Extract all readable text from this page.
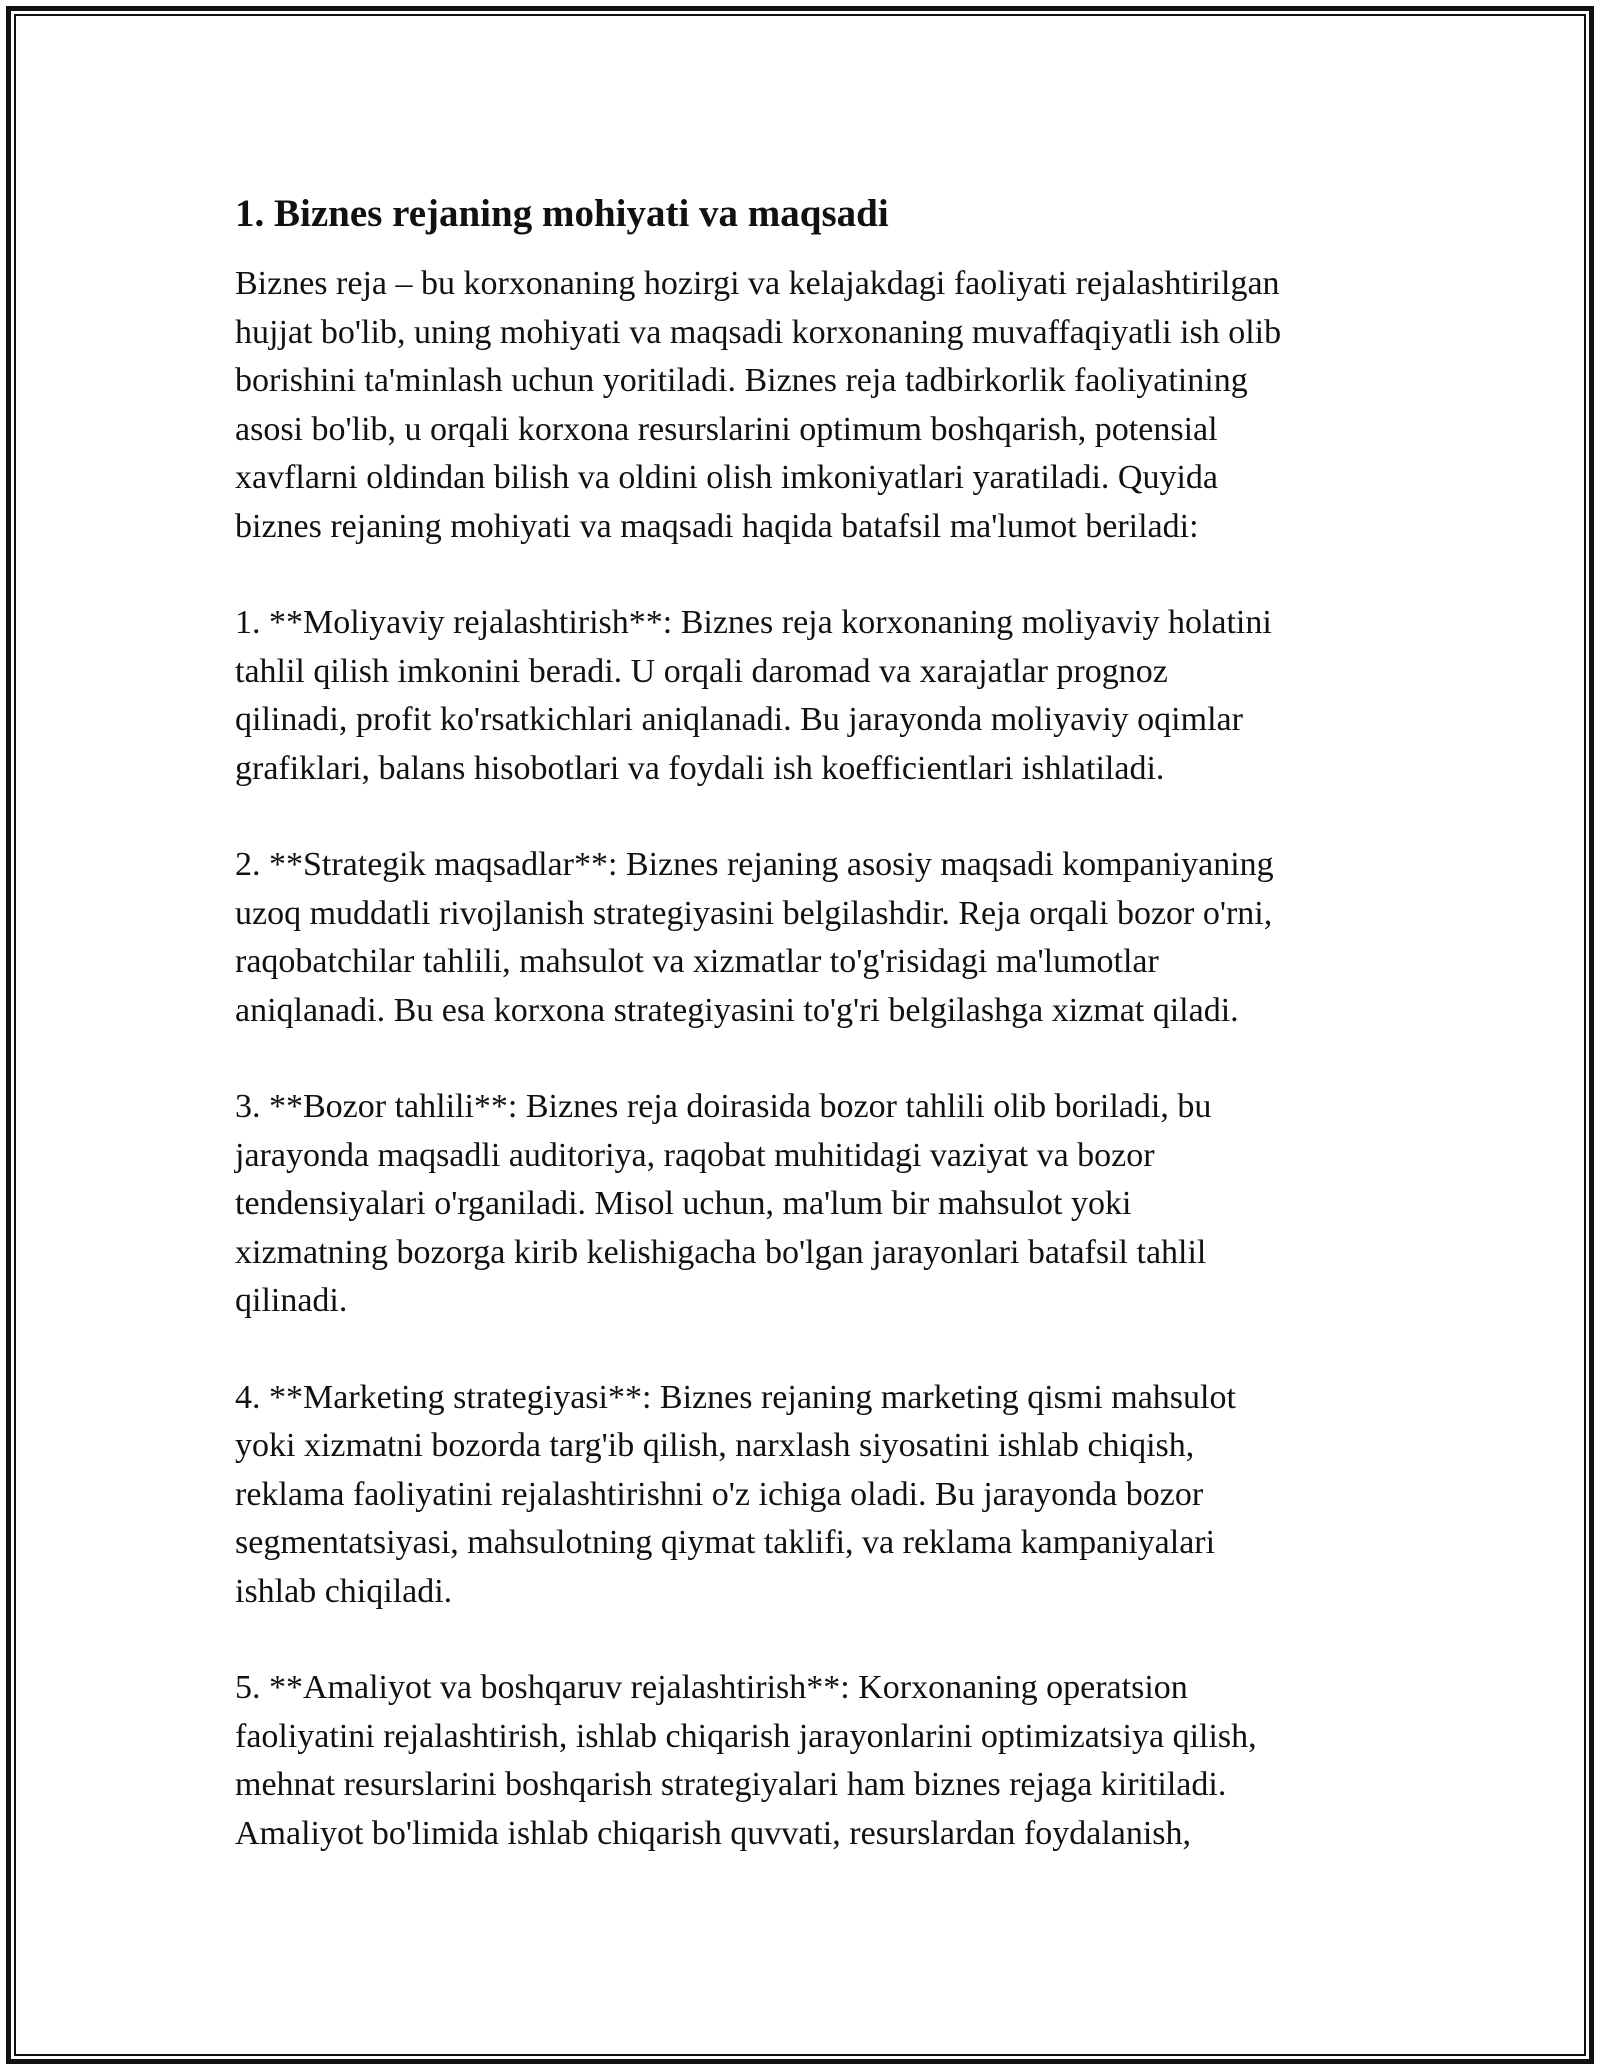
1. Biznes rejaning mohiyati va maqsadi

Biznes reja – bu korxonaning hozirgi va kelajakdagi faoliyati rejalashtirilgan
hujjat bo'lib, uning mohiyati va maqsadi korxonaning muvaffaqiyatli ish olib
borishini ta'minlash uchun yoritiladi. Biznes reja tadbirkorlik faoliyatining
asosi bo'lib, u orqali korxona resurslarini optimum boshqarish, potensial
xavflarni oldindan bilish va oldini olish imkoniyatlari yaratiladi. Quyida
biznes rejaning mohiyati va maqsadi haqida batafsil ma'lumot beriladi:

1. **Moliyaviy rejalashtirish**: Biznes reja korxonaning moliyaviy holatini
tahlil qilish imkonini beradi. U orqali daromad va xarajatlar prognoz
qilinadi, profit ko'rsatkichlari aniqlanadi. Bu jarayonda moliyaviy oqimlar
grafiklari, balans hisobotlari va foydali ish koefficientlari ishlatiladi.

2. **Strategik maqsadlar**: Biznes rejaning asosiy maqsadi kompaniyaning
uzoq muddatli rivojlanish strategiyasini belgilashdir. Reja orqali bozor o'rni,
raqobatchilar tahlili, mahsulot va xizmatlar to'g'risidagi ma'lumotlar
aniqlanadi. Bu esa korxona strategiyasini to'g'ri belgilashga xizmat qiladi.

3. **Bozor tahlili**: Biznes reja doirasida bozor tahlili olib boriladi, bu
jarayonda maqsadli auditoriya, raqobat muhitidagi vaziyat va bozor
tendensiyalari o'rganiladi. Misol uchun, ma'lum bir mahsulot yoki
xizmatning bozorga kirib kelishigacha bo'lgan jarayonlari batafsil tahlil
qilinadi.

4. **Marketing strategiyasi**: Biznes rejaning marketing qismi mahsulot
yoki xizmatni bozorda targ'ib qilish, narxlash siyosatini ishlab chiqish,
reklama faoliyatini rejalashtirishni o'z ichiga oladi. Bu jarayonda bozor
segmentatsiyasi, mahsulotning qiymat taklifi, va reklama kampaniyalari
ishlab chiqiladi.

5. **Amaliyot va boshqaruv rejalashtirish**: Korxonaning operatsion
faoliyatini rejalashtirish, ishlab chiqarish jarayonlarini optimizatsiya qilish,
mehnat resurslarini boshqarish strategiyalari ham biznes rejaga kiritiladi.
Amaliyot bo'limida ishlab chiqarish quvvati, resurslardan foydalanish,
